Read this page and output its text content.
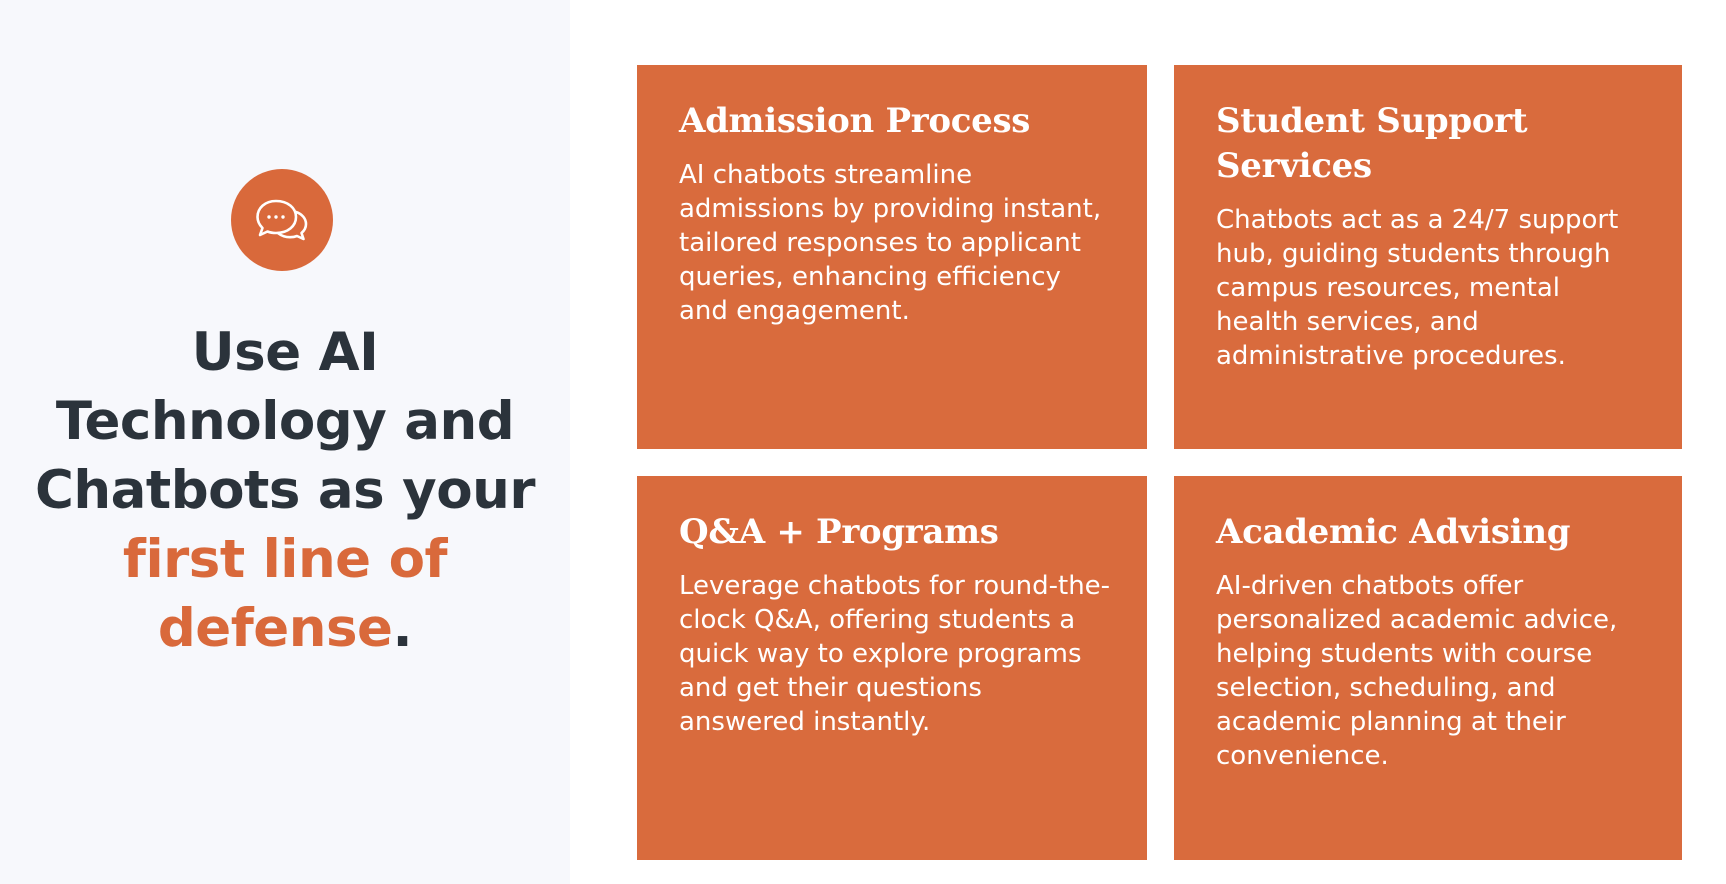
Use AI Technology and Chatbots as your first line of defense.
Admission Process

AI chatbots streamline admissions by providing instant, tailored responses to applicant queries, enhancing efficiency and engagement.

Student Support Services

Chatbots act as a 24/7 support hub, guiding students through campus resources, mental health services, and administrative procedures.

Q&A + Programs

Leverage chatbots for round-the-clock Q&A, offering students a quick way to explore programs and get their questions answered instantly.

Academic Advising

AI-driven chatbots offer personalized academic advice, helping students with course selection, scheduling, and academic planning at their convenience.
